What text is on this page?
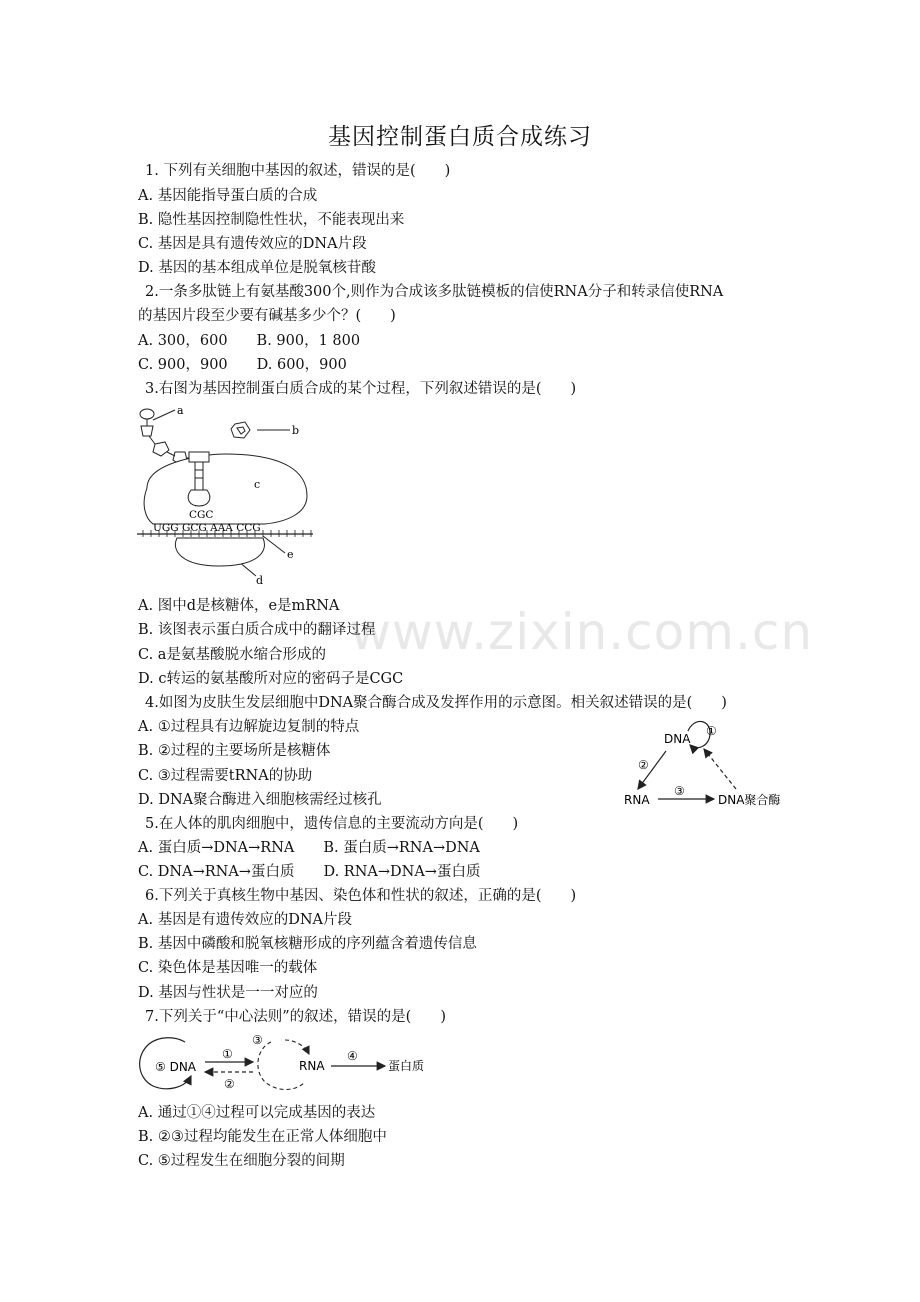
www.zixin.com.cn
基因控制蛋白质合成练习
1. 下列有关细胞中基因的叙述，错误的是(　　)
A. 基因能指导蛋白质的合成
B. 隐性基因控制隐性性状，不能表现出来
C. 基因是具有遗传效应的DNA片段
D. 基因的基本组成单位是脱氧核苷酸
2.一条多肽链上有氨基酸300个,则作为合成该多肽链模板的信使RNA分子和转录信使RNA
的基因片段至少要有碱基多少个？(　　)
A. 300，600　　B. 900，1 800
C. 900，900　　D. 600，900
3.右图为基因控制蛋白质合成的某个过程，下列叙述错误的是(　　)
a
b
c
e
d
CGC
UGG GCG AAA CCG
A. 图中d是核糖体，e是mRNA
B. 该图表示蛋白质合成中的翻译过程
C. a是氨基酸脱水缩合形成的
D. c转运的氨基酸所对应的密码子是CGC
4.如图为皮肤生发层细胞中DNA聚合酶合成及发挥作用的示意图。相关叙述错误的是(　　)
A. ①过程具有边解旋边复制的特点
B. ②过程的主要场所是核糖体
C. ③过程需要tRNA的协助
D. DNA聚合酶进入细胞核需经过核孔
DNA
RNA	DNA聚合酶
①
②
③
5.在人体的肌肉细胞中，遗传信息的主要流动方向是(　　)
A. 蛋白质→DNA→RNA　　B. 蛋白质→RNA→DNA
C. DNA→RNA→蛋白质　　D. RNA→DNA→蛋白质
6.下列关于真核生物中基因、染色体和性状的叙述，正确的是(　　)
A. 基因是有遗传效应的DNA片段
B. 基因中磷酸和脱氧核糖形成的序列蕴含着遗传信息
C. 染色体是基因唯一的载体
D. 基因与性状是一一对应的
7.下列关于“中心法则”的叙述，错误的是(　　)
⑤ DNA	RNA	蛋白质
①
②
③
④
A. 通过①④过程可以完成基因的表达
B. ②③过程均能发生在正常人体细胞中
C. ⑤过程发生在细胞分裂的间期
